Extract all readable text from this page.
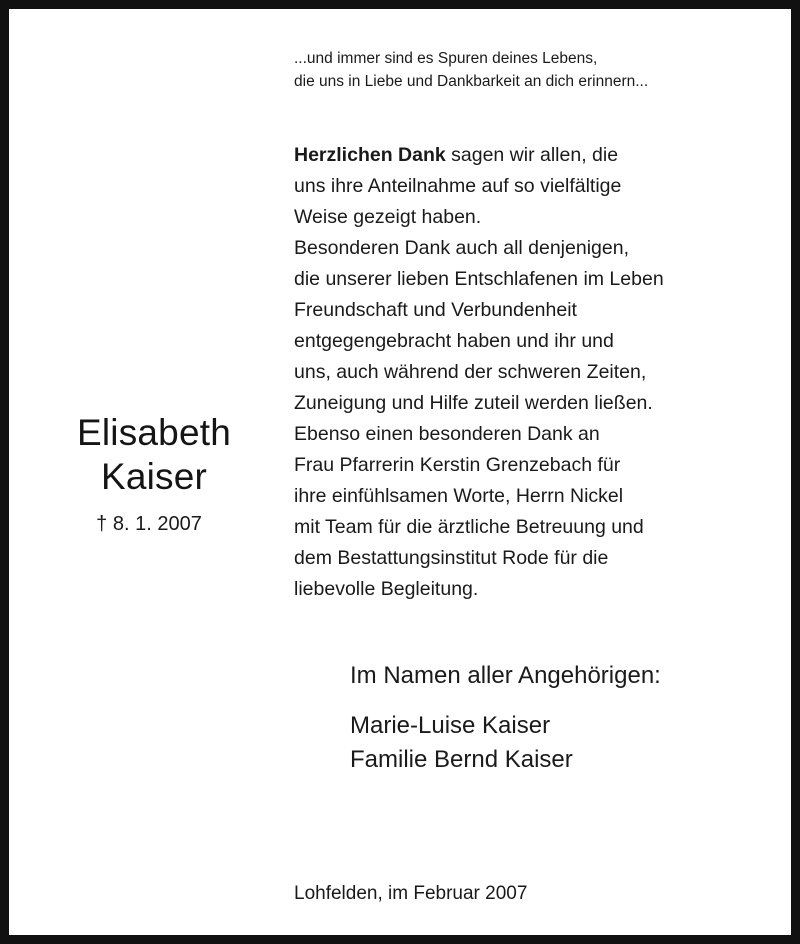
...und immer sind es Spuren deines Lebens,
die uns in Liebe und Dankbarkeit an dich erinnern...
Herzlichen Dank sagen wir allen, die
uns ihre Anteilnahme auf so vielfältige
Weise gezeigt haben.
Besonderen Dank auch all denjenigen,
die unserer lieben Entschlafenen im Leben
Freundschaft und Verbundenheit
entgegengebracht haben und ihr und
uns, auch während der schweren Zeiten,
Zuneigung und Hilfe zuteil werden ließen.
Ebenso einen besonderen Dank an
Frau Pfarrerin Kerstin Grenzebach für
ihre einfühlsamen Worte, Herrn Nickel
mit Team für die ärztliche Betreuung und
dem Bestattungsinstitut Rode für die
liebevolle Begleitung.
Elisabeth
Kaiser
† 8. 1. 2007
Im Namen aller Angehörigen:
Marie-Luise Kaiser
Familie Bernd Kaiser
Lohfelden, im Februar 2007
